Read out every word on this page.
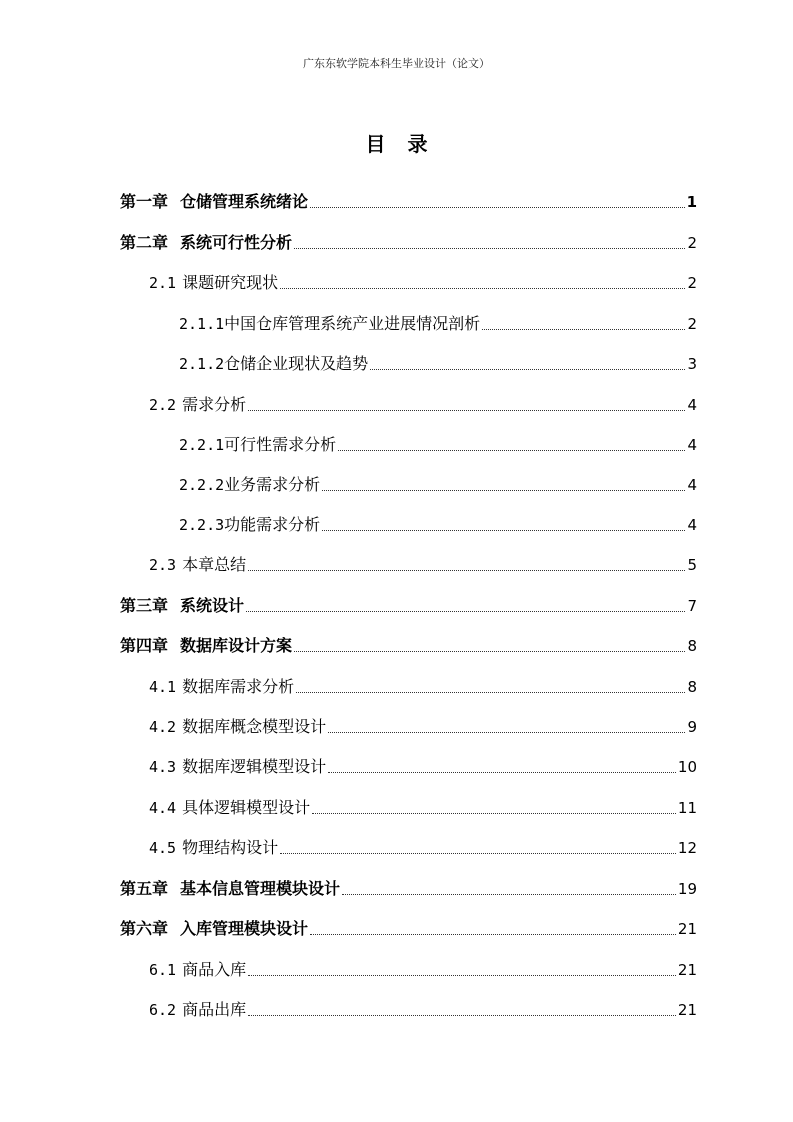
广东东软学院本科生毕业设计（论文）
目录
第一章 仓储管理系统绪论	1
第二章 系统可行性分析	2
2.1 课题研究现状	2
2.1.1中国仓库管理系统产业进展情况剖析	2
2.1.2仓储企业现状及趋势	3
2.2 需求分析	4
2.2.1可行性需求分析	4
2.2.2业务需求分析	4
2.2.3功能需求分析	4
2.3 本章总结	5
第三章 系统设计	7
第四章 数据库设计方案	8
4.1 数据库需求分析	8
4.2 数据库概念模型设计	9
4.3 数据库逻辑模型设计	10
4.4 具体逻辑模型设计	11
4.5 物理结构设计	12
第五章 基本信息管理模块设计	19
第六章 入库管理模块设计	21
6.1 商品入库	21
6.2 商品出库	21
